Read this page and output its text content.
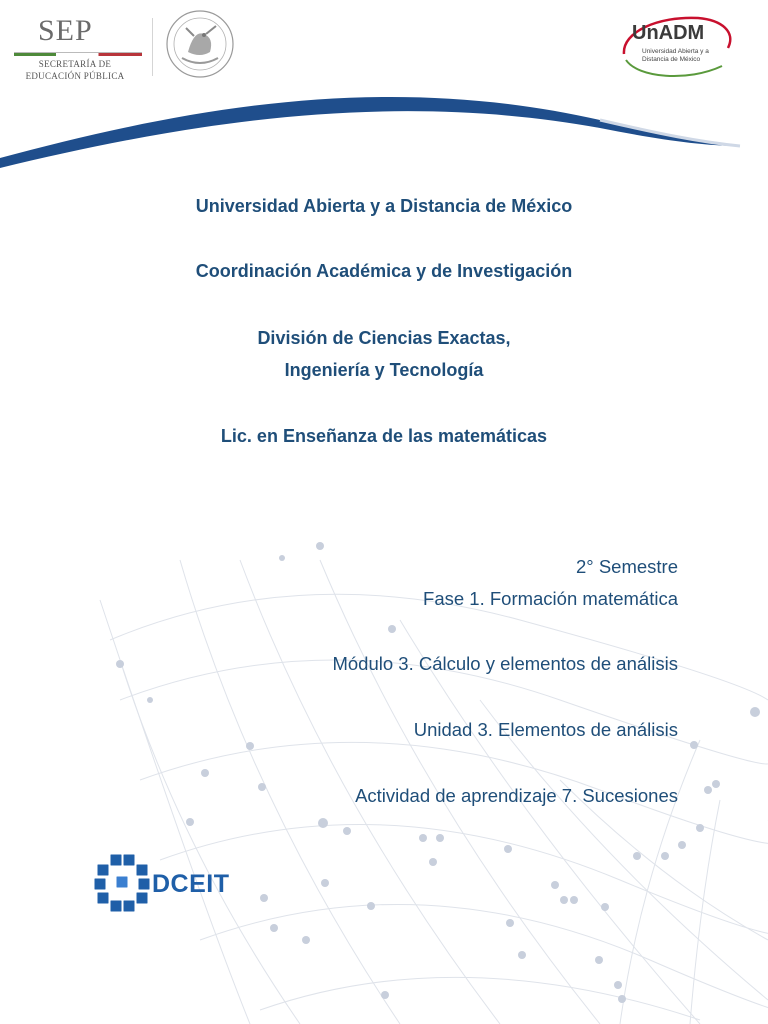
SEP
SECRETARÍA DE
EDUCACIÓN PÚBLICA
UnADM
Universidad Abierta y a
Distancia de México
Universidad Abierta y a Distancia de México
Coordinación Académica y de Investigación
División de Ciencias Exactas,
Ingeniería y Tecnología
Lic. en Enseñanza de las matemáticas
2° Semestre
Fase 1. Formación matemática
Módulo 3. Cálculo y elementos de análisis
Unidad 3. Elementos de análisis
Actividad de aprendizaje 7. Sucesiones
DCEIT
